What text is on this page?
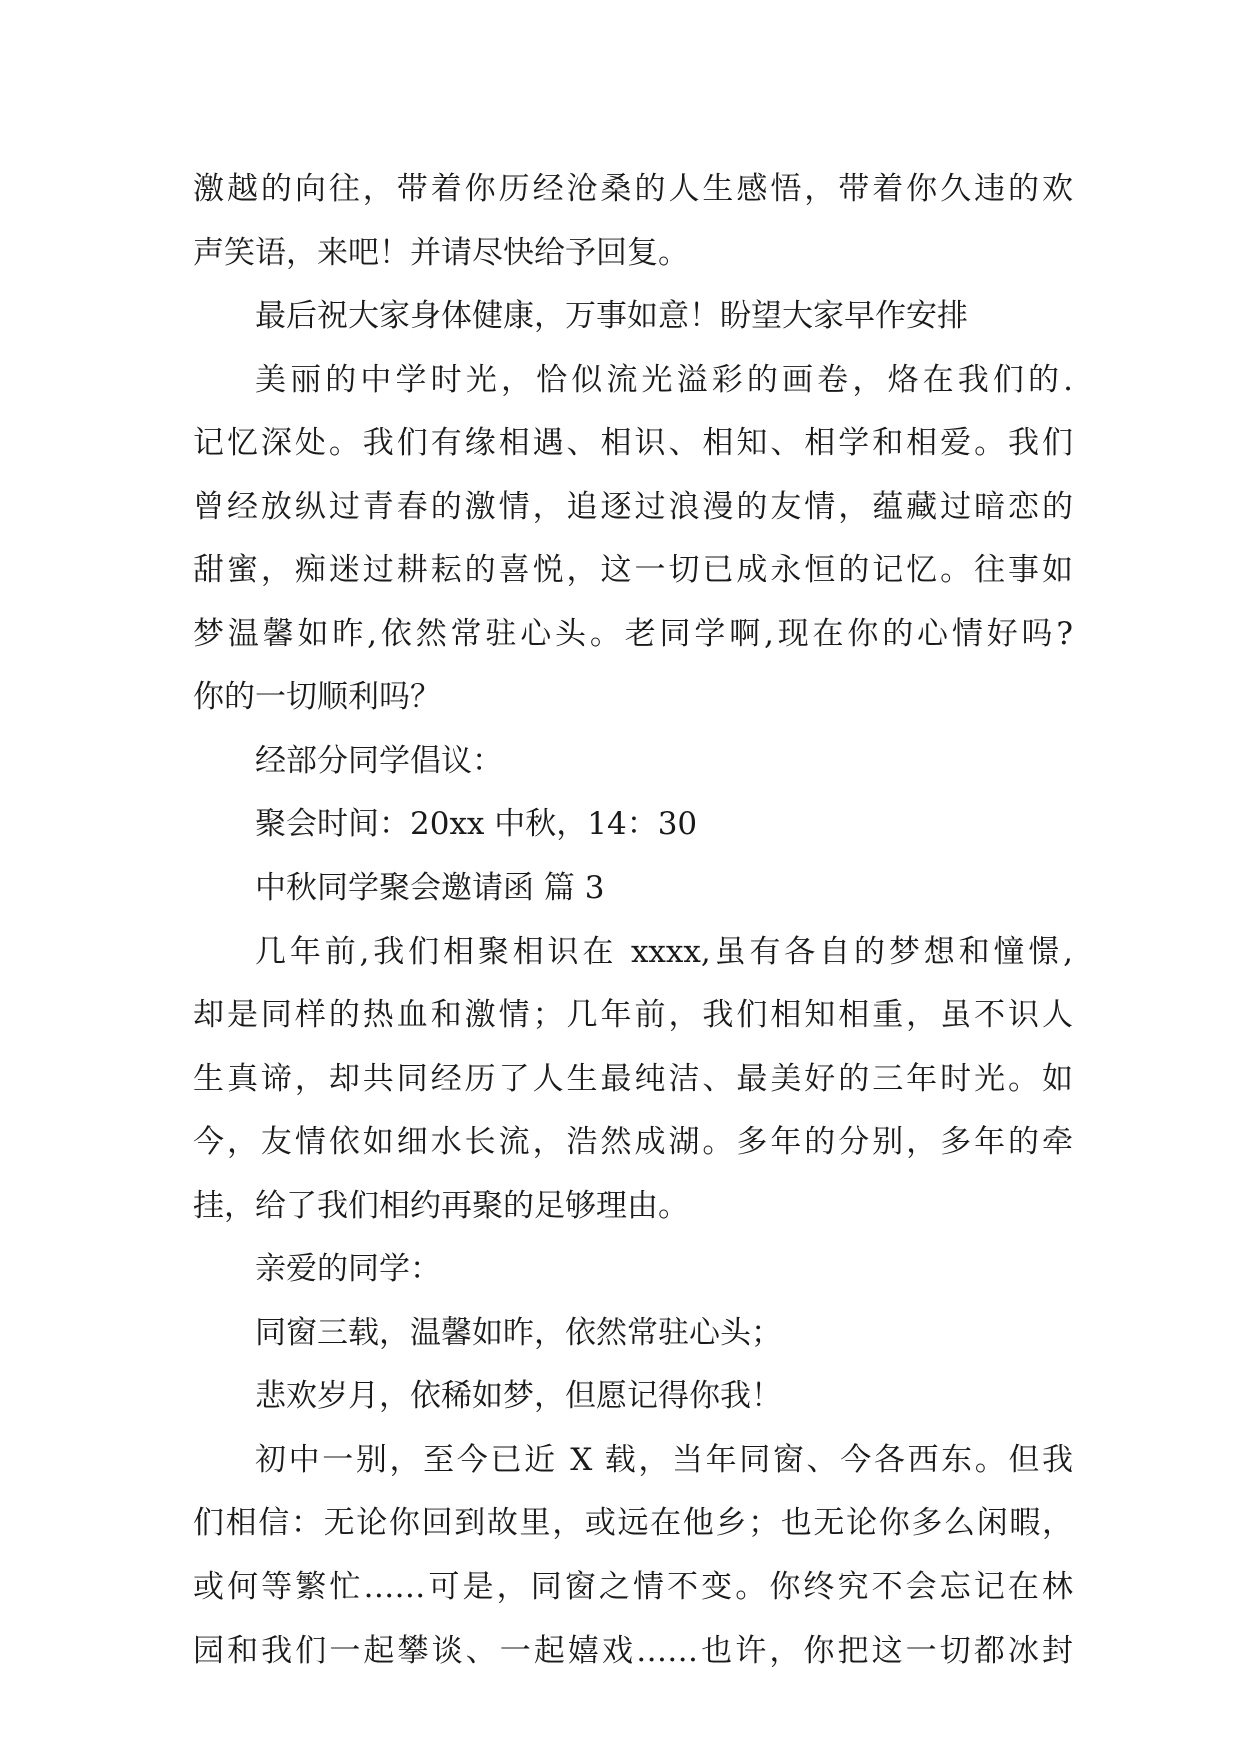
激越的向往，带着你历经沧桑的人生感悟，带着你久违的欢
声笑语，来吧！并请尽快给予回复。
最后祝大家身体健康，万事如意！盼望大家早作安排
美丽的中学时光，恰似流光溢彩的画卷，烙在我们的.
记忆深处。我们有缘相遇、相识、相知、相学和相爱。我们
曾经放纵过青春的激情，追逐过浪漫的友情，蕴藏过暗恋的
甜蜜，痴迷过耕耘的喜悦，这一切已成永恒的记忆。往事如
梦温馨如昨,依然常驻心头。老同学啊,现在你的心情好吗?
你的一切顺利吗？
经部分同学倡议：
聚会时间：20xx 中秋，14：30
中秋同学聚会邀请函 篇 3
几年前,我们相聚相识在 xxxx,虽有各自的梦想和憧憬,
却是同样的热血和激情；几年前，我们相知相重，虽不识人
生真谛，却共同经历了人生最纯洁、最美好的三年时光。如
今，友情依如细水长流，浩然成湖。多年的分别，多年的牵
挂，给了我们相约再聚的足够理由。
亲爱的同学：
同窗三载，温馨如昨，依然常驻心头；
悲欢岁月，依稀如梦，但愿记得你我！
初中一别，至今已近 X 载，当年同窗、今各西东。但我
们相信：无论你回到故里，或远在他乡；也无论你多么闲暇，
或何等繁忙……可是，同窗之情不变。你终究不会忘记在林
园和我们一起攀谈、一起嬉戏……也许，你把这一切都冰封
